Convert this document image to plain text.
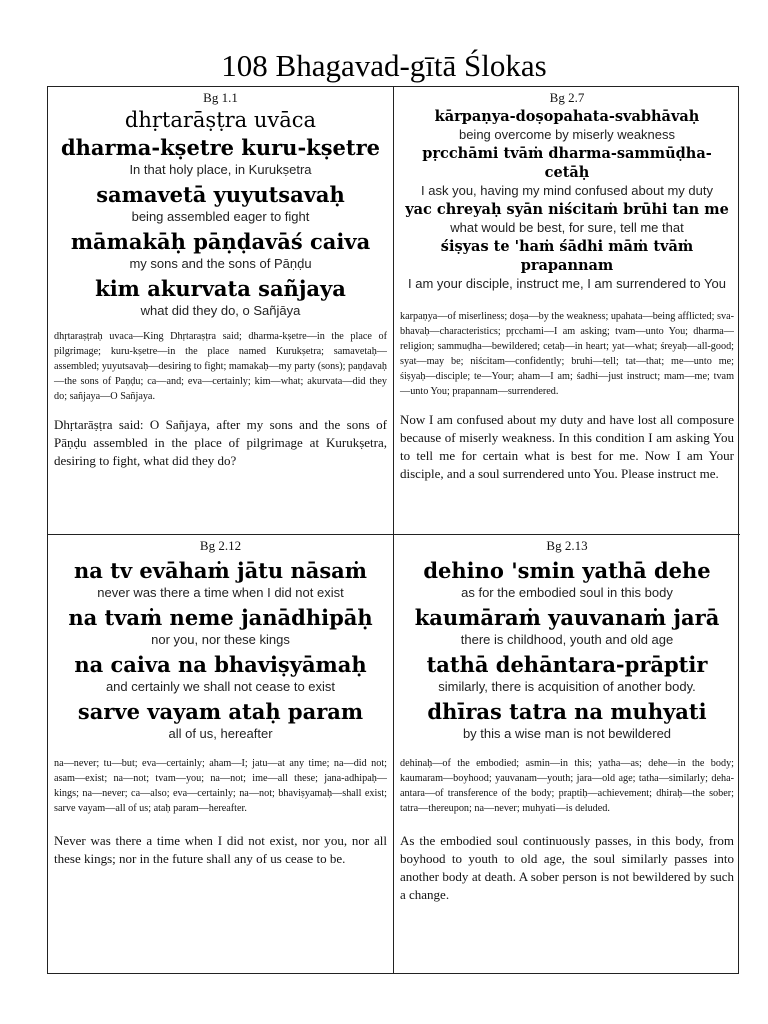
108 Bhagavad-gītā Ślokas
Bg 1.1
dhṛtarāṣṭra uvāca
dharma-kṣetre kuru-kṣetre
In that holy place, in Kurukṣetra
samavetā yuyutsavaḥ
being assembled eager to fight
māmakāḥ pāṇḍavāś caiva
my sons and the sons of Pāṇḍu
kim akurvata sañjaya
what did they do, o Sañjāya
dhṛtaraṣṭraḥ uvaca—King Dhṛtaraṣṭra said; dharma-kṣetre—in the place of pilgrimage; kuru-kṣetre—in the place named Kurukṣetra; samavetaḥ—assembled; yuyutsavaḥ—desiring to fight; mamakaḥ—my party (sons); paṇḍavaḥ—the sons of Paṇḍu; ca—and; eva—certainly; kim—what; akurvata—did they do; sañjaya—O Sañjaya.
Dhṛtarāṣṭra said: O Sañjaya, after my sons and the sons of Pāṇḍu assembled in the place of pilgrimage at Kurukṣetra, desiring to fight, what did they do?
Bg 2.7
kārpaṇya-doṣopahata-svabhāvaḥ
being overcome by miserly weakness
pṛcchāmi tvāṁ dharma-sammūḍha-cetāḥ
I ask you, having my mind confused about my duty
yac chreyaḥ syān niścitaṁ brūhi tan me
what would be best, for sure, tell me that
śiṣyas te 'haṁ śādhi māṁ tvāṁ prapannam
I am your disciple, instruct me, I am surrendered to You
karpaṇya—of miserliness; doṣa—by the weakness; upahata—being afflicted; sva-bhavaḥ—characteristics; pṛcchami—I am asking; tvam—unto You; dharma—religion; sammuḍha—bewildered; cetaḥ—in heart; yat—what; śreyaḥ—all-good; syat—may be; niścitam—confidently; bruhi—tell; tat—that; me—unto me; śiṣyaḥ—disciple; te—Your; aham—I am; śadhi—just instruct; mam—me; tvam—unto You; prapannam—surrendered.
Now I am confused about my duty and have lost all composure because of miserly weakness. In this condition I am asking You to tell me for certain what is best for me. Now I am Your disciple, and a soul surrendered unto You. Please instruct me.
Bg 2.12
na tv evāhaṁ jātu nāsaṁ
never was there a time when I did not exist
na tvaṁ neme janādhipāḥ
nor you, nor these kings
na caiva na bhaviṣyāmaḥ
and certainly we shall not cease to exist
sarve vayam ataḥ param
all of us, hereafter
na—never; tu—but; eva—certainly; aham—I; jatu—at any time; na—did not; asam—exist; na—not; tvam—you; na—not; ime—all these; jana-adhipaḥ—kings; na—never; ca—also; eva—certainly; na—not; bhaviṣyamaḥ—shall exist; sarve vayam—all of us; ataḥ param—hereafter.
Never was there a time when I did not exist, nor you, nor all these kings; nor in the future shall any of us cease to be.
Bg 2.13
dehino 'smin yathā dehe
as for the embodied soul in this body
kaumāraṁ yauvanaṁ jarā
there is childhood, youth and old age
tathā dehāntara-prāptir
similarly, there is acquisition of another body.
dhīras tatra na muhyati
by this a wise man is not bewildered
dehinaḥ—of the embodied; asmin—in this; yatha—as; dehe—in the body; kaumaram—boyhood; yauvanam—youth; jara—old age; tatha—similarly; deha-antara—of transference of the body; praptiḥ—achievement; dhiraḥ—the sober; tatra—thereupon; na—never; muhyati—is deluded.
As the embodied soul continuously passes, in this body, from boyhood to youth to old age, the soul similarly passes into another body at death. A sober person is not bewildered by such a change.
